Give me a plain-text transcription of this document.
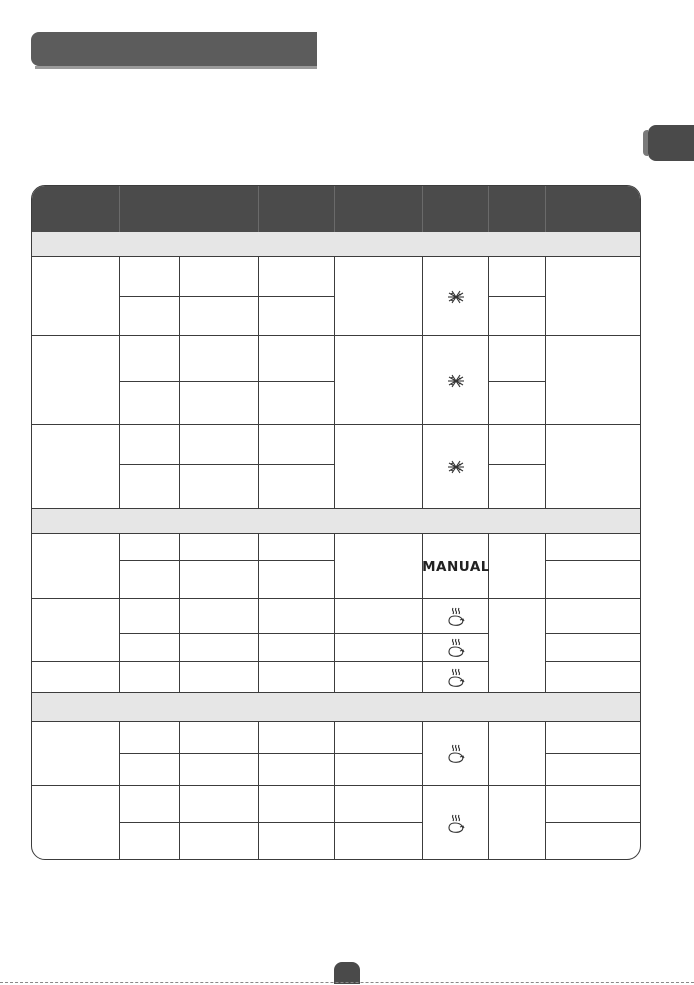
MANUAL
